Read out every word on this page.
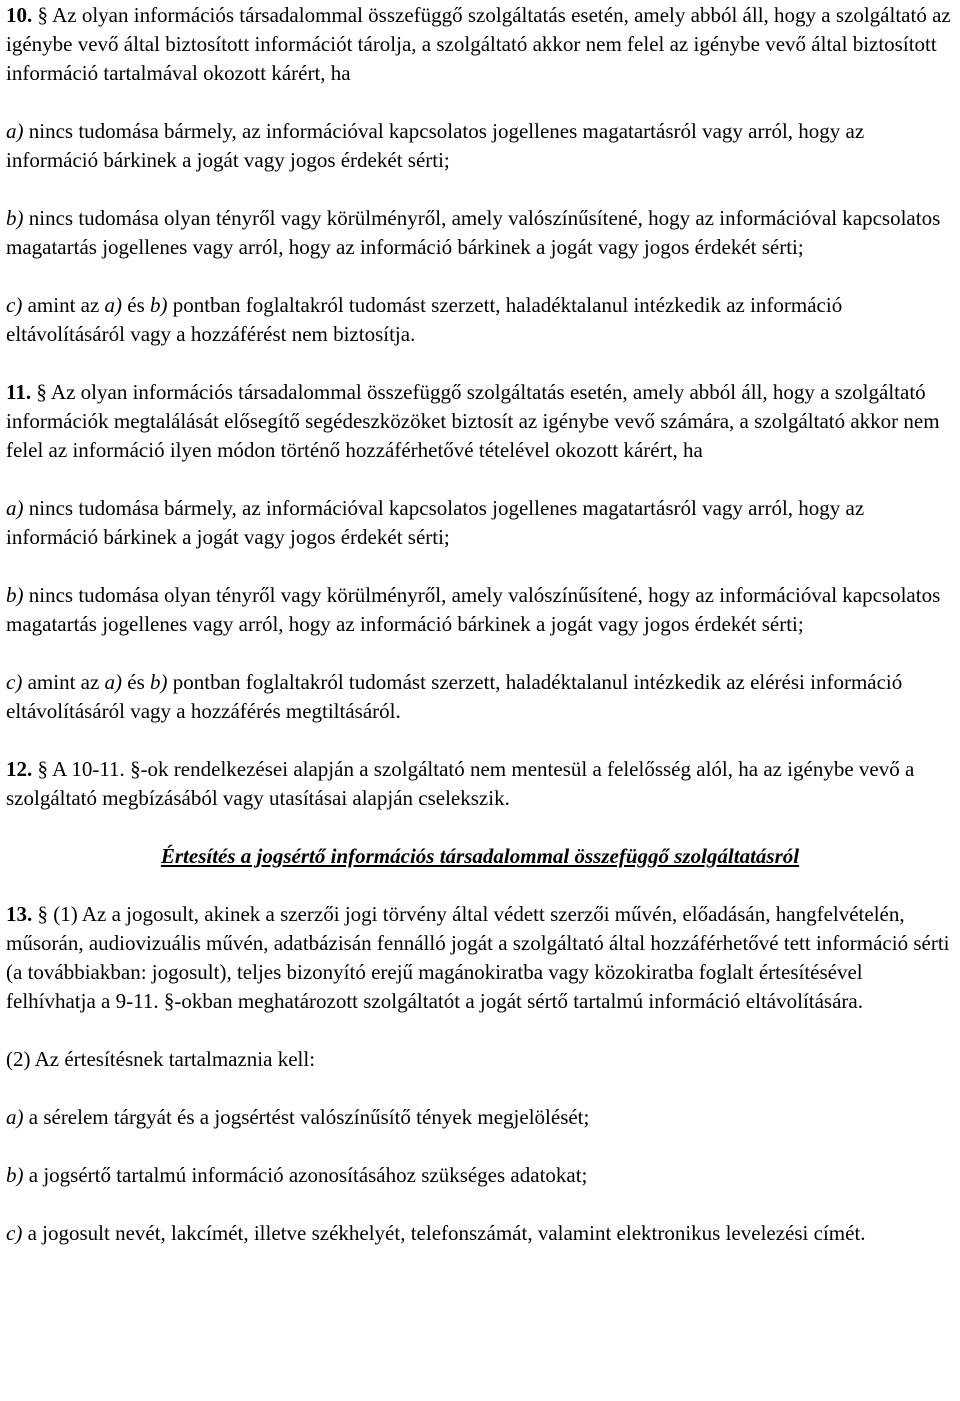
10. § Az olyan információs társadalommal összefüggő szolgáltatás esetén, amely abból áll, hogy a szolgáltató az igénybe vevő által biztosított információt tárolja, a szolgáltató akkor nem felel az igénybe vevő által biztosított információ tartalmával okozott kárért, ha

a) nincs tudomása bármely, az információval kapcsolatos jogellenes magatartásról vagy arról, hogy az információ bárkinek a jogát vagy jogos érdekét sérti;

b) nincs tudomása olyan tényről vagy körülményről, amely valószínűsítené, hogy az információval kapcsolatos magatartás jogellenes vagy arról, hogy az információ bárkinek a jogát vagy jogos érdekét sérti;

c) amint az a) és b) pontban foglaltakról tudomást szerzett, haladéktalanul intézkedik az információ eltávolításáról vagy a hozzáférést nem biztosítja.

11. § Az olyan információs társadalommal összefüggő szolgáltatás esetén, amely abból áll, hogy a szolgáltató információk megtalálását elősegítő segédeszközöket biztosít az igénybe vevő számára, a szolgáltató akkor nem felel az információ ilyen módon történő hozzáférhetővé tételével okozott kárért, ha

a) nincs tudomása bármely, az információval kapcsolatos jogellenes magatartásról vagy arról, hogy az információ bárkinek a jogát vagy jogos érdekét sérti;

b) nincs tudomása olyan tényről vagy körülményről, amely valószínűsítené, hogy az információval kapcsolatos magatartás jogellenes vagy arról, hogy az információ bárkinek a jogát vagy jogos érdekét sérti;

c) amint az a) és b) pontban foglaltakról tudomást szerzett, haladéktalanul intézkedik az elérési információ eltávolításáról vagy a hozzáférés megtiltásáról.

12. § A 10-11. §-ok rendelkezései alapján a szolgáltató nem mentesül a felelősség alól, ha az igénybe vevő a szolgáltató megbízásából vagy utasításai alapján cselekszik.

Értesítés a jogsértő információs társadalommal összefüggő szolgáltatásról

13. § (1) Az a jogosult, akinek a szerzői jogi törvény által védett szerzői művén, előadásán, hangfelvételén, műsorán, audiovizuális művén, adatbázisán fennálló jogát a szolgáltató által hozzáférhetővé tett információ sérti (a továbbiakban: jogosult), teljes bizonyító erejű magánokiratba vagy közokiratba foglalt értesítésével felhívhatja a 9-11. §-okban meghatározott szolgáltatót a jogát sértő tartalmú információ eltávolítására.

(2) Az értesítésnek tartalmaznia kell:

a) a sérelem tárgyát és a jogsértést valószínűsítő tények megjelölését;

b) a jogsértő tartalmú információ azonosításához szükséges adatokat;

c) a jogosult nevét, lakcímét, illetve székhelyét, telefonszámát, valamint elektronikus levelezési címét.
